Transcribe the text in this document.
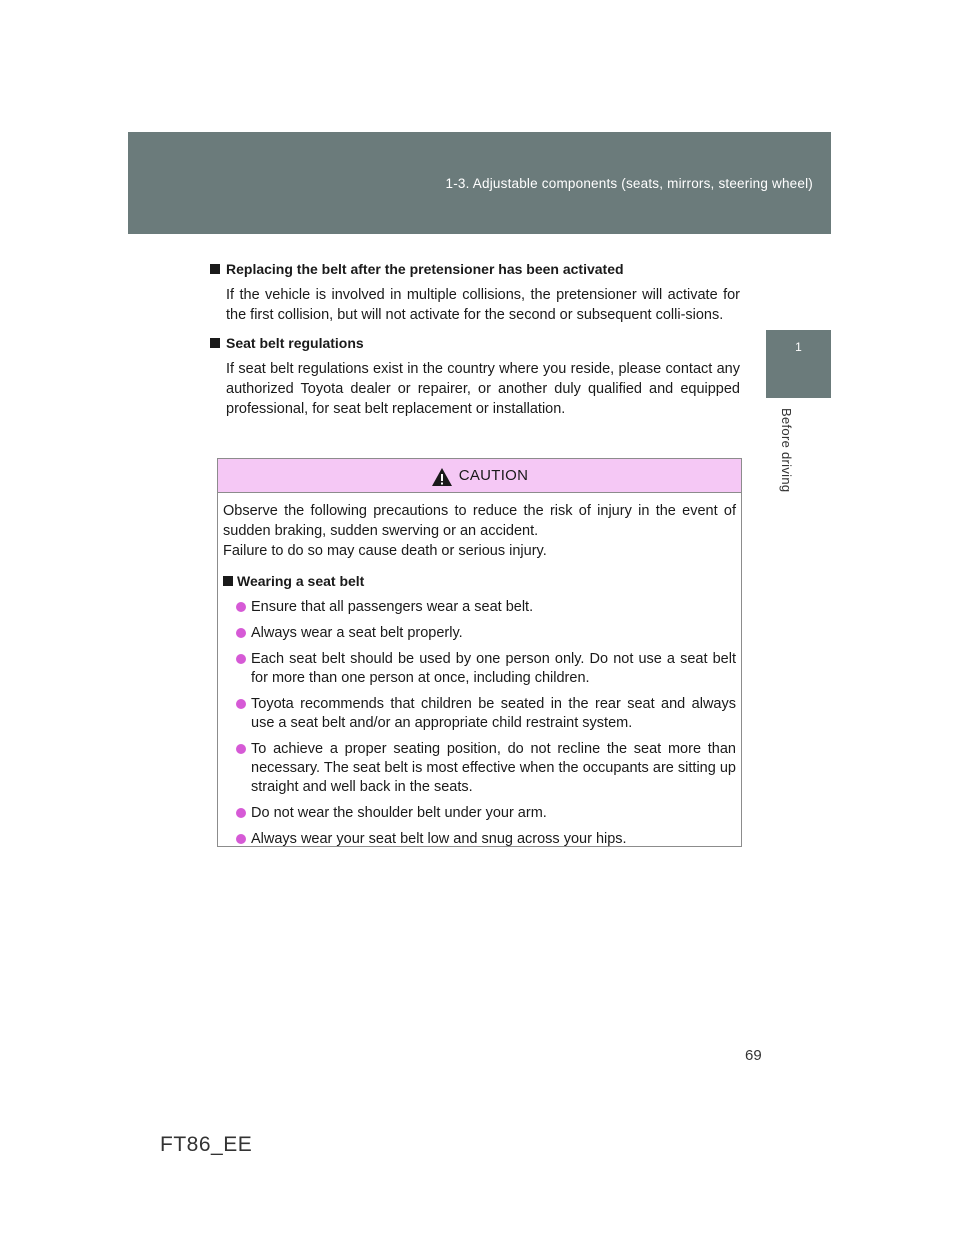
1-3. Adjustable components (seats, mirrors, steering wheel)
1
Before driving

Replacing the belt after the pretensioner has been activated

If the vehicle is involved in multiple collisions, the pretensioner will activate for the first collision, but will not activate for the second or subsequent colli-sions.

Seat belt regulations

If seat belt regulations exist in the country where you reside, please contact any authorized Toyota dealer or repairer, or another duly qualified and equipped professional, for seat belt replacement or installation.

CAUTION

Observe the following precautions to reduce the risk of injury in the event of sudden braking, sudden swerving or an accident.
Failure to do so may cause death or serious injury.

Wearing a seat belt

Ensure that all passengers wear a seat belt.

Always wear a seat belt properly.

Each seat belt should be used by one person only. Do not use a seat belt for more than one person at once, including children.

Toyota recommends that children be seated in the rear seat and always use a seat belt and/or an appropriate child restraint system.

To achieve a proper seating position, do not recline the seat more than necessary. The seat belt is most effective when the occupants are sitting up straight and well back in the seats.

Do not wear the shoulder belt under your arm.

Always wear your seat belt low and snug across your hips.

69
FT86_EE
